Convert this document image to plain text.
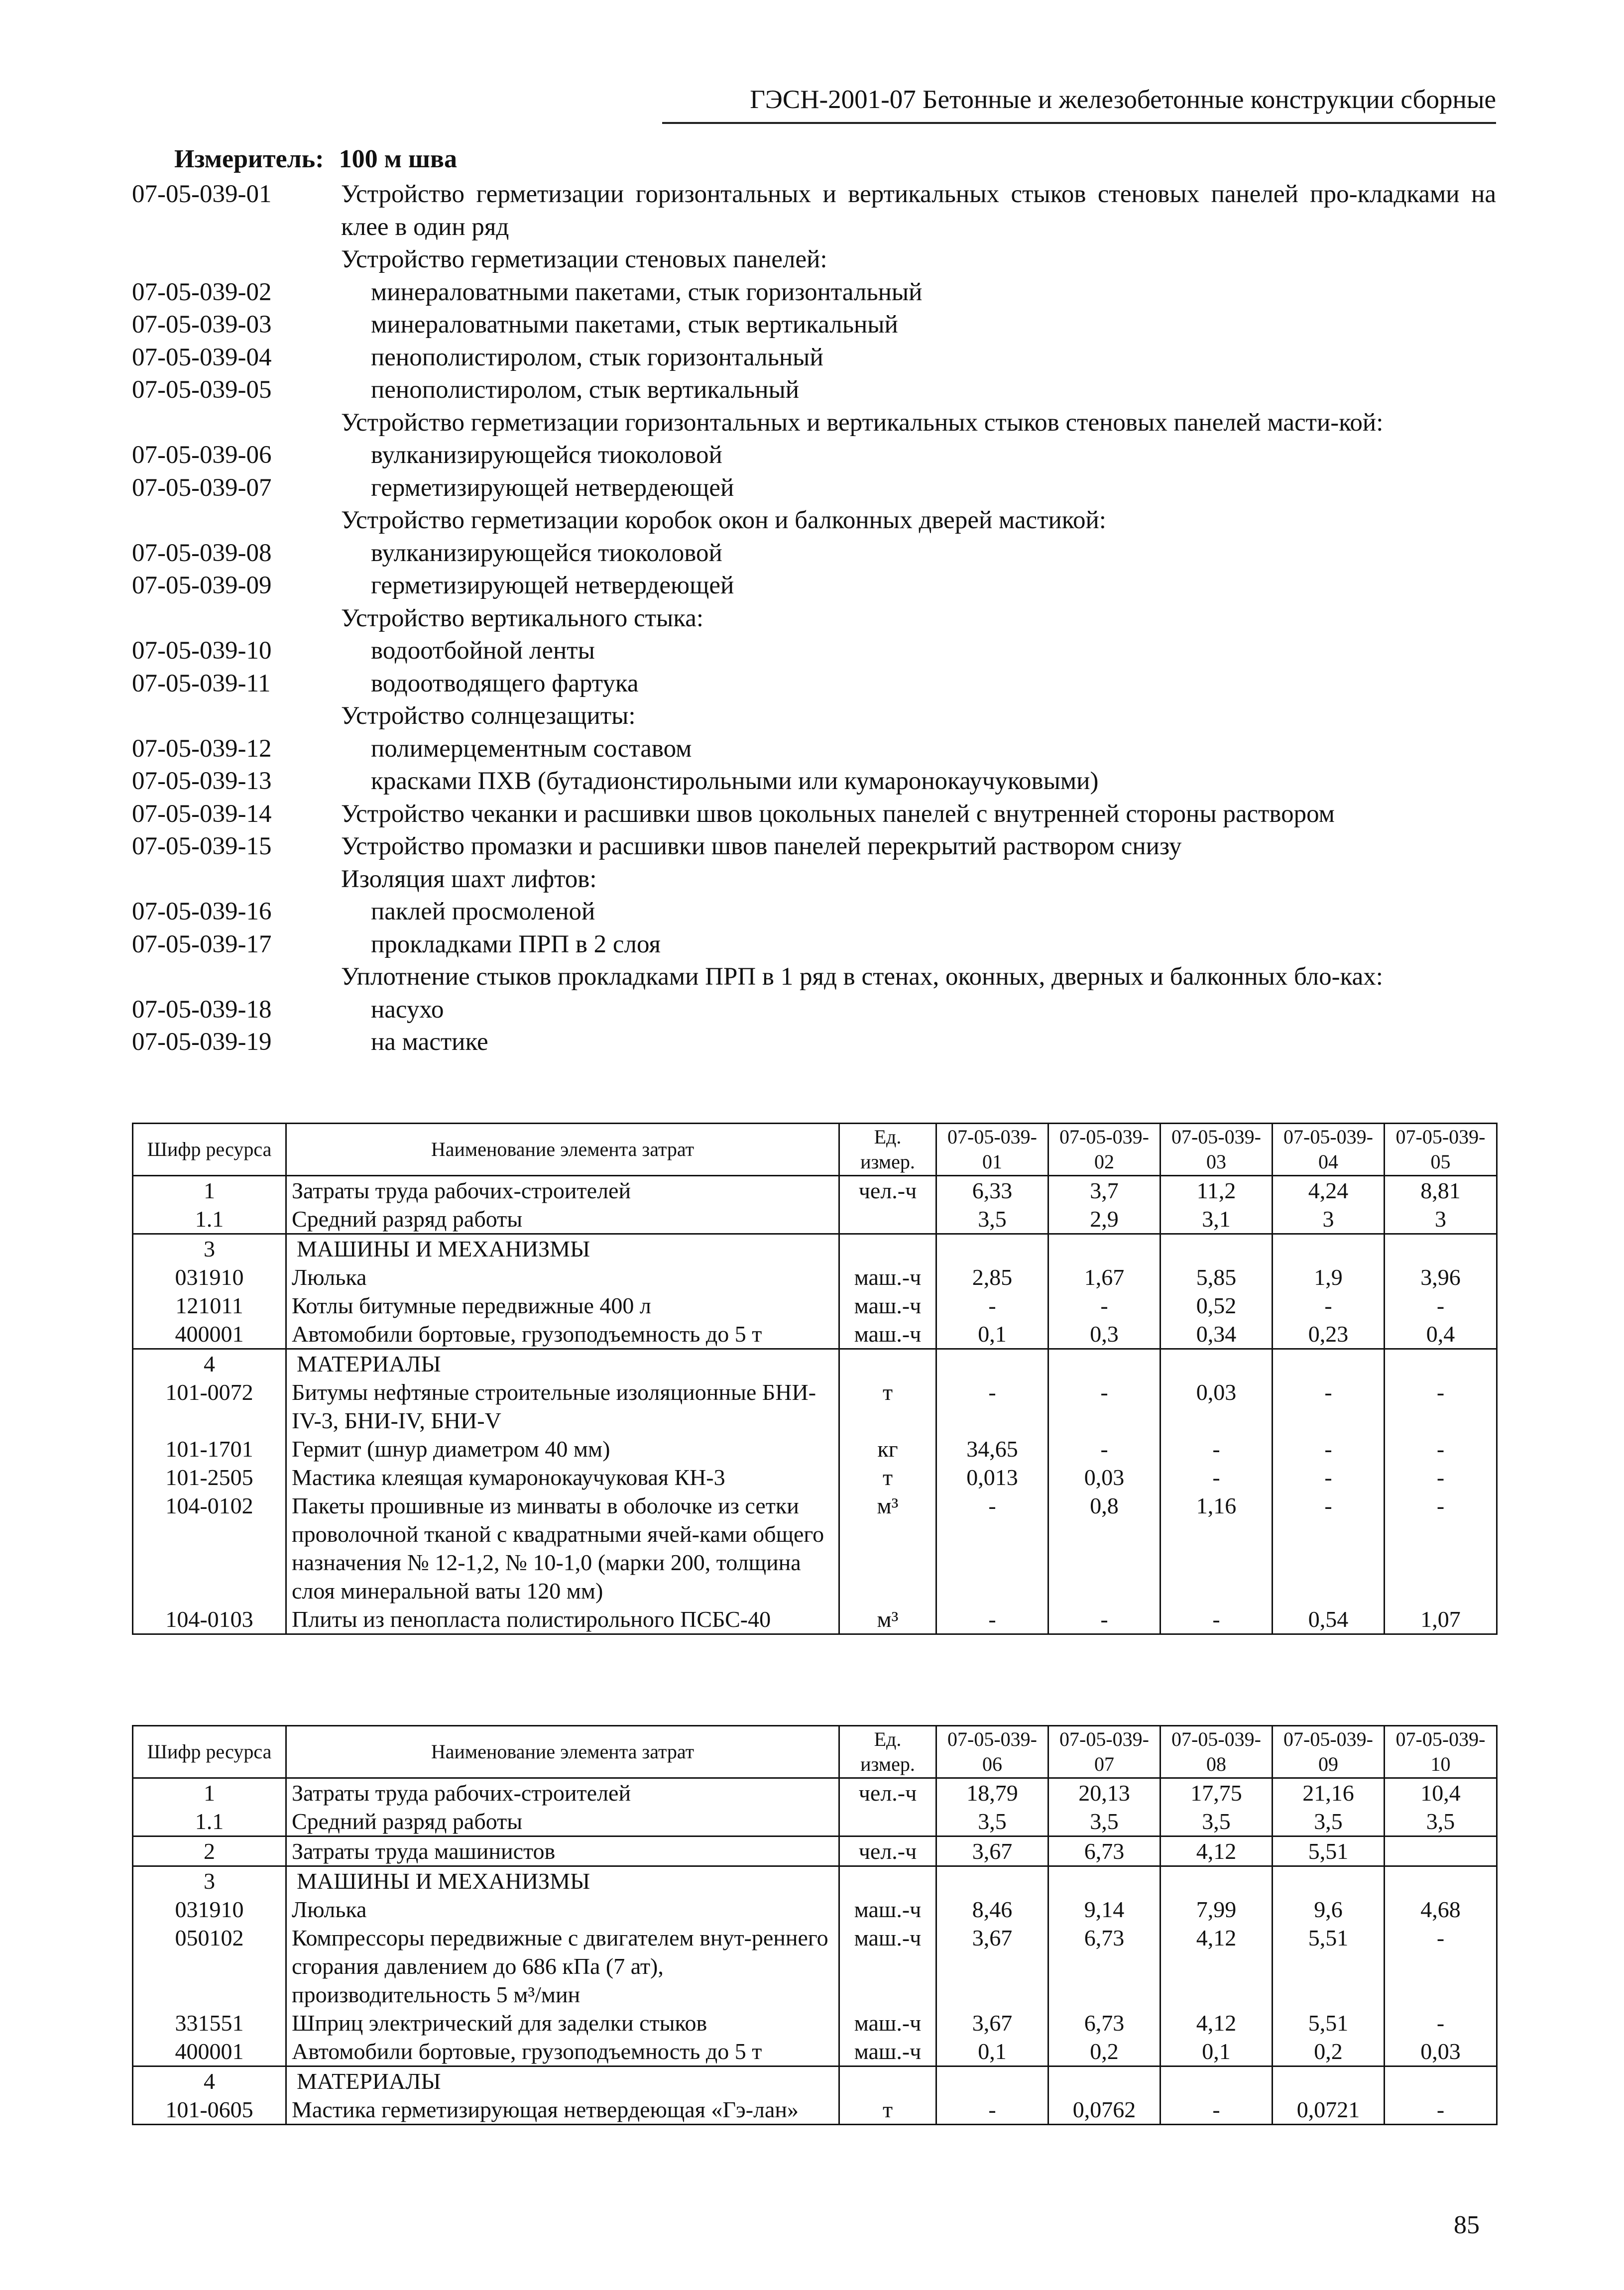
ГЭСН-2001-07 Бетонные и железобетонные конструкции сборные
Измеритель: 100 м шва
07-05-039-01	Устройство герметизации горизонтальных и вертикальных стыков стеновых панелей про-кладками на клее в один ряд
Устройство герметизации стеновых панелей:
07-05-039-02	минераловатными пакетами, стык горизонтальный
07-05-039-03	минераловатными пакетами, стык вертикальный
07-05-039-04	пенополистиролом, стык горизонтальный
07-05-039-05	пенополистиролом, стык вертикальный
Устройство герметизации горизонтальных и вертикальных стыков стеновых панелей масти-кой:
07-05-039-06	вулканизирующейся тиоколовой
07-05-039-07	герметизирующей нетвердеющей
Устройство герметизации коробок окон и балконных дверей мастикой:
07-05-039-08	вулканизирующейся тиоколовой
07-05-039-09	герметизирующей нетвердеющей
Устройство вертикального стыка:
07-05-039-10	водоотбойной ленты
07-05-039-11	водоотводящего фартука
Устройство солнцезащиты:
07-05-039-12	полимерцементным составом
07-05-039-13	красками ПХВ (бутадионстирольными или кумаронокаучуковыми)
07-05-039-14	Устройство чеканки и расшивки швов цокольных панелей с внутренней стороны раствором
07-05-039-15	Устройство промазки и расшивки швов панелей перекрытий раствором снизу
Изоляция шахт лифтов:
07-05-039-16	паклей просмоленой
07-05-039-17	прокладками ПРП в 2 слоя
Уплотнение стыков прокладками ПРП в 1 ряд в стенах, оконных, дверных и балконных бло-ках:
07-05-039-18	насухо
07-05-039-19	на мастике
Шифр ресурса	Наименование элемента затрат	Ед. измер.	07-05-039-01	07-05-039-02	07-05-039-03	07-05-039-04	07-05-039-05
1	Затраты труда рабочих-строителей	чел.-ч	6,33	3,7	11,2	4,24	8,81
1.1	Средний разряд работы		3,5	2,9	3,1	3	3
3	МАШИНЫ И МЕХАНИЗМЫ						
031910	Люлька	маш.-ч	2,85	1,67	5,85	1,9	3,96
121011	Котлы битумные передвижные 400 л	маш.-ч	-	-	0,52	-	-
400001	Автомобили бортовые, грузоподъемность до 5 т	маш.-ч	0,1	0,3	0,34	0,23	0,4
4	МАТЕРИАЛЫ						
101-0072	Битумы нефтяные строительные изоляционные БНИ-IV-3, БНИ-IV, БНИ-V	т	-	-	0,03	-	-
101-1701	Гермит (шнур диаметром 40 мм)	кг	34,65	-	-	-	-
101-2505	Мастика клеящая кумаронокаучуковая КН-3	т	0,013	0,03	-	-	-
104-0102	Пакеты прошивные из минваты в оболочке из сетки проволочной тканой с квадратными ячей-ками общего назначения № 12-1,2, № 10-1,0 (марки 200, толщина слоя минеральной ваты 120 мм)	м³	-	0,8	1,16	-	-
104-0103	Плиты из пенопласта полистирольного ПСБС-40	м³	-	-	-	0,54	1,07
Шифр ресурса	Наименование элемента затрат	Ед. измер.	07-05-039-06	07-05-039-07	07-05-039-08	07-05-039-09	07-05-039-10
1	Затраты труда рабочих-строителей	чел.-ч	18,79	20,13	17,75	21,16	10,4
1.1	Средний разряд работы		3,5	3,5	3,5	3,5	3,5
2	Затраты труда машинистов	чел.-ч	3,67	6,73	4,12	5,51	
3	МАШИНЫ И МЕХАНИЗМЫ						
031910	Люлька	маш.-ч	8,46	9,14	7,99	9,6	4,68
050102	Компрессоры передвижные с двигателем внут-реннего сгорания давлением до 686 кПа (7 ат), производительность 5 м³/мин	маш.-ч	3,67	6,73	4,12	5,51	-
331551	Шприц электрический для заделки стыков	маш.-ч	3,67	6,73	4,12	5,51	-
400001	Автомобили бортовые, грузоподъемность до 5 т	маш.-ч	0,1	0,2	0,1	0,2	0,03
4	МАТЕРИАЛЫ						
101-0605	Мастика герметизирующая нетвердеющая «Гэ-лан»	т	-	0,0762	-	0,0721	-
85
